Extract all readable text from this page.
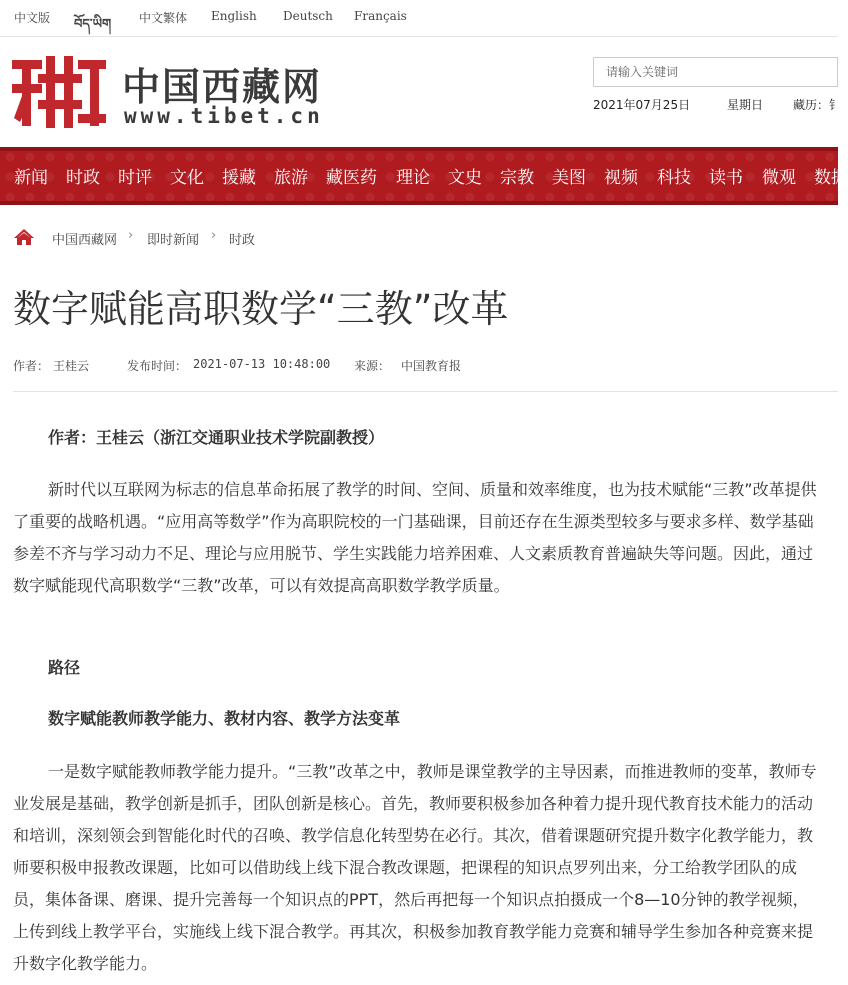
中文版 བོད་ཡིག 中文繁体 English Deutsch Français
中国西藏网
www.tibet.cn
请输入关键词	2021年07月25日	星期日 藏历：钅
新闻 时政 时评 文化 援藏 旅游 藏医药 理论 文史 宗教 美图 视频 科技 读书 微观 数据
中国西藏网 › 即时新闻 › 时政
数字赋能高职数学“三教”改革
作者： 王桂云	发布时间： 2021-07-13 10:48:00 来源： 中国教育报

作者：王桂云（浙江交通职业技术学院副教授）

新时代以互联网为标志的信息革命拓展了教学的时间、空间、质量和效率维度，也为技术赋能“三教”改革提供了重要的战略机遇。“应用高等数学”作为高职院校的一门基础课，目前还存在生源类型较多与要求多样、数学基础参差不齐与学习动力不足、理论与应用脱节、学生实践能力培养困难、人文素质教育普遍缺失等问题。因此，通过数字赋能现代高职数学“三教”改革，可以有效提高高职数学教学质量。

路径

数字赋能教师教学能力、教材内容、教学方法变革

一是数字赋能教师教学能力提升。“三教”改革之中，教师是课堂教学的主导因素，而推进教师的变革，教师专业发展是基础，教学创新是抓手，团队创新是核心。首先，教师要积极参加各种着力提升现代教育技术能力的活动和培训，深刻领会到智能化时代的召唤、教学信息化转型势在必行。其次，借着课题研究提升数字化教学能力，教师要积极申报教改课题，比如可以借助线上线下混合教改课题，把课程的知识点罗列出来，分工给教学团队的成员，集体备课、磨课、提升完善每一个知识点的PPT，然后再把每一个知识点拍摄成一个8—10分钟的教学视频，上传到线上教学平台，实施线上线下混合教学。再其次，积极参加教育教学能力竞赛和辅导学生参加各种竞赛来提升数字化教学能力。
